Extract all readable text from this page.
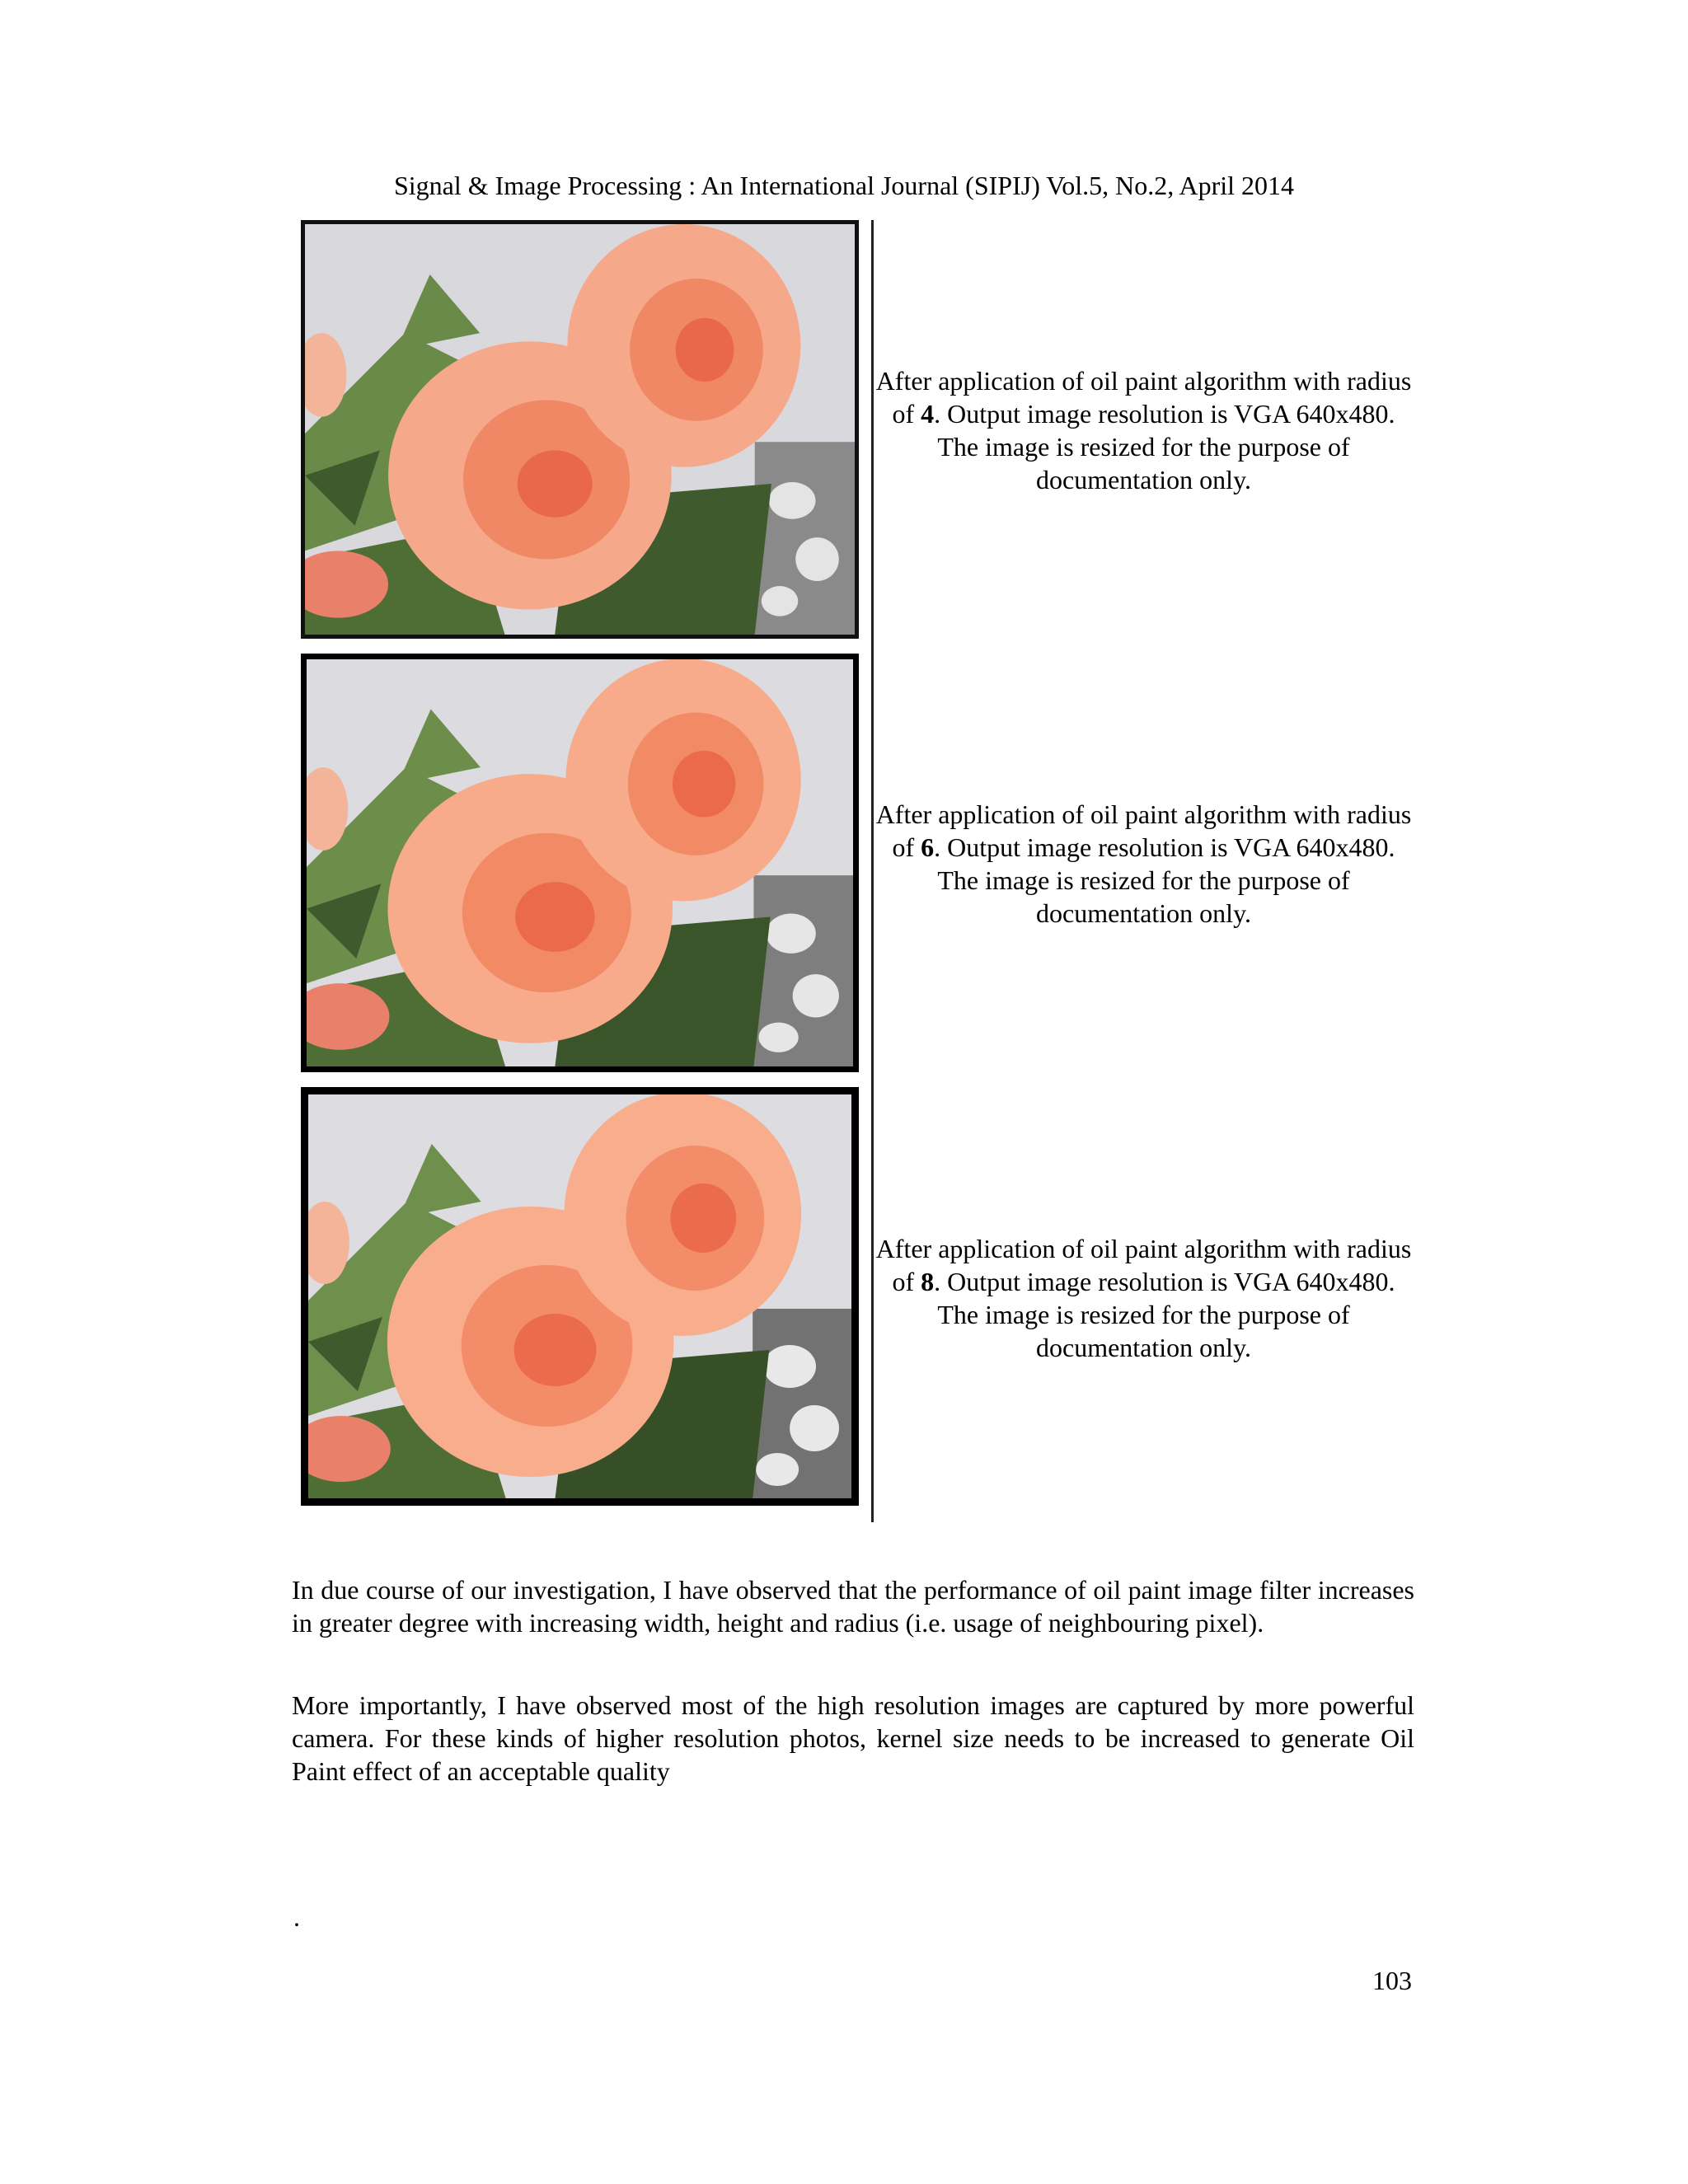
Signal & Image Processing : An International Journal (SIPIJ) Vol.5, No.2, April 2014
After application of oil paint algorithm with radius of 4. Output image resolution is VGA 640x480. The image is resized for the purpose of documentation only.
After application of oil paint algorithm with radius of 6. Output image resolution is VGA 640x480. The image is resized for the purpose of documentation only.
After application of oil paint algorithm with radius of 8. Output image resolution is VGA 640x480. The image is resized for the purpose of documentation only.

In due course of our investigation, I have observed that the performance of oil paint image filter increases in greater degree with increasing width, height and radius (i.e. usage of neighbouring pixel).

More importantly, I have observed most of the high resolution images are captured by more powerful camera. For these kinds of higher resolution photos, kernel size needs to be increased to generate Oil Paint effect of an acceptable quality

.
103
